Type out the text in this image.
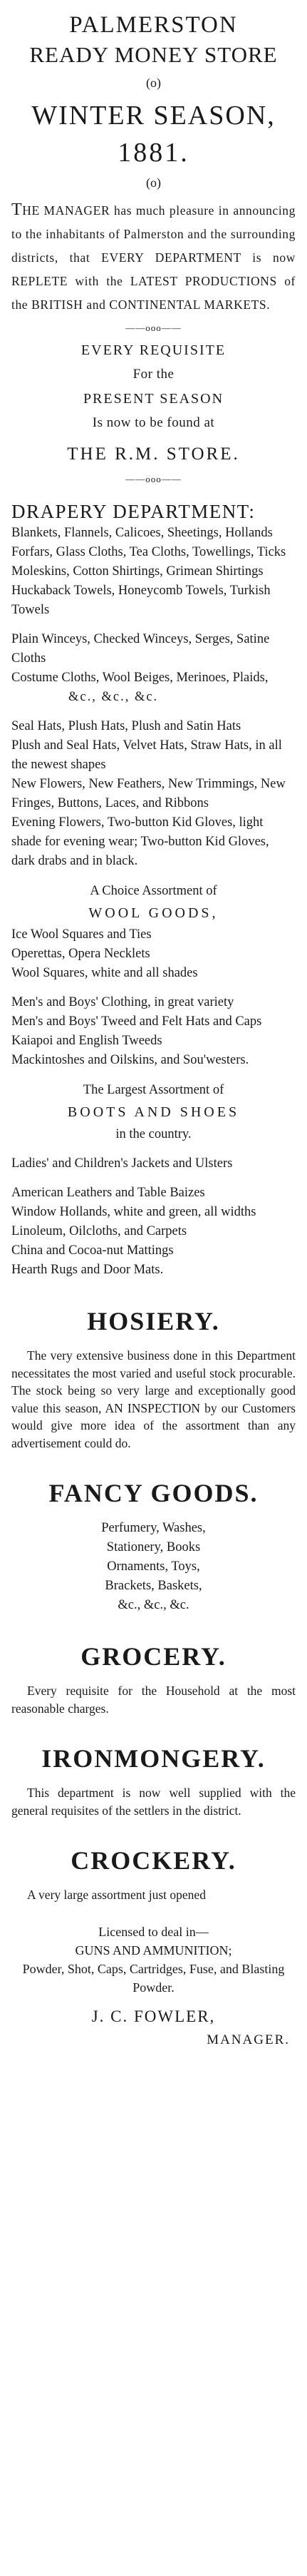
PALMERSTON
READY MONEY STORE
(o)
WINTER SEASON,
1881.
(o)

THE MANAGER has much pleasure in announcing to the inhabitants of Palmerston and the surrounding districts, that EVERY DEPARTMENT is now REPLETE with the LATEST PRODUCTIONS of the BRITISH and CONTINENTAL MARKETS.

——ooo——
EVERY REQUISITE
For the
PRESENT SEASON
Is now to be found at
THE R.M. STORE.
——ooo——
DRAPERY DEPARTMENT:
Blankets, Flannels, Calicoes, Sheetings, Hollands
Forfars, Glass Cloths, Tea Cloths, Towellings, Ticks
Moleskins, Cotton Shirtings, Grimean Shirtings
Huckaback Towels, Honeycomb Towels, Turkish Towels
Plain Winceys, Checked Winceys, Serges, Satine Cloths
Costume Cloths, Wool Beiges, Merinoes, Plaids,
&c., &c., &c.
Seal Hats, Plush Hats, Plush and Satin Hats
Plush and Seal Hats, Velvet Hats, Straw Hats, in all the newest shapes
New Flowers, New Feathers, New Trimmings, New Fringes, Buttons, Laces, and Ribbons
Evening Flowers, Two-button Kid Gloves, light shade for evening wear; Two-button Kid Gloves, dark drabs and in black.
A Choice Assortment of
WOOL GOODS,
Ice Wool Squares and Ties
Operettas, Opera Necklets
Wool Squares, white and all shades
Men's and Boys' Clothing, in great variety
Men's and Boys' Tweed and Felt Hats and Caps
Kaiapoi and English Tweeds
Mackintoshes and Oilskins, and Sou'westers.
The Largest Assortment of
BOOTS AND SHOES
in the country.
Ladies' and Children's Jackets and Ulsters
American Leathers and Table Baizes
Window Hollands, white and green, all widths
Linoleum, Oilcloths, and Carpets
China and Cocoa-nut Mattings
Hearth Rugs and Door Mats.
HOSIERY.

The very extensive business done in this Department necessitates the most varied and useful stock procurable. The stock being so very large and exceptionally good value this season, AN INSPECTION by our Customers would give more idea of the assortment than any advertisement could do.

FANCY GOODS.
Perfumery, Washes,
Stationery, Books
Ornaments, Toys,
Brackets, Baskets,
&c., &c., &c.
GROCERY.

Every requisite for the Household at the most reasonable charges.

IRONMONGERY.

This department is now well supplied with the general requisites of the settlers in the district.

CROCKERY.

A very large assortment just opened

Licensed to deal in—
GUNS AND AMMUNITION;
Powder, Shot, Caps, Cartridges, Fuse, and Blasting Powder.
J. C. FOWLER,
MANAGER.
